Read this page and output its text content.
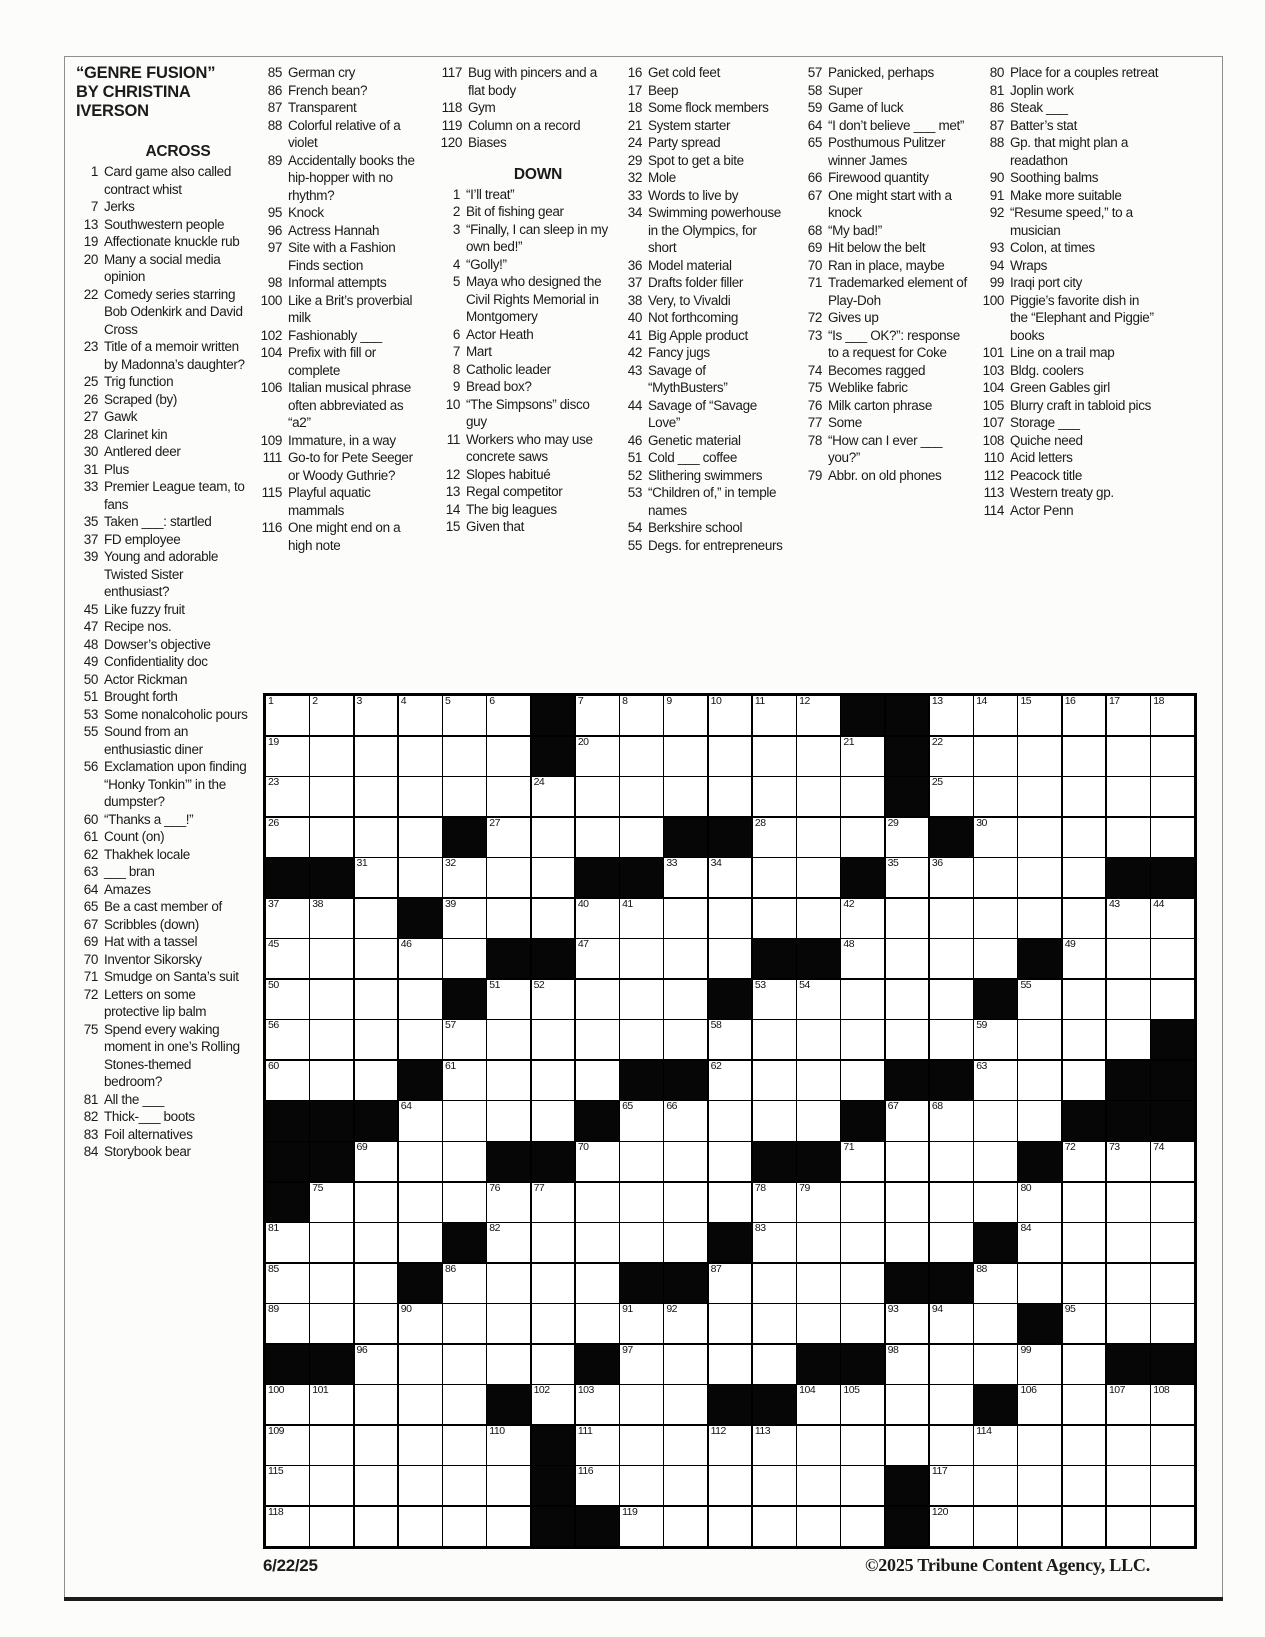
“GENRE FUSION”
BY CHRISTINA
IVERSON
ACROSS
1 Card game also called contract whist
7 Jerks
13 Southwestern people
19 Affectionate knuckle rub
20 Many a social media opinion
22 Comedy series starring Bob Odenkirk and David Cross
23 Title of a memoir written by Madonna’s daughter?
25 Trig function
26 Scraped (by)
27 Gawk
28 Clarinet kin
30 Antlered deer
31 Plus
33 Premier League team, to fans
35 Taken ___: startled
37 FD employee
39 Young and adorable Twisted Sister enthusiast?
45 Like fuzzy fruit
47 Recipe nos.
48 Dowser’s objective
49 Confidentiality doc
50 Actor Rickman
51 Brought forth
53 Some nonalcoholic pours
55 Sound from an enthusiastic diner
56 Exclamation upon finding “Honky Tonkin’” in the dumpster?
60 “Thanks a ___!”
61 Count (on)
62 Thakhek locale
63 ___ bran
64 Amazes
65 Be a cast member of
67 Scribbles (down)
69 Hat with a tassel
70 Inventor Sikorsky
71 Smudge on Santa’s suit
72 Letters on some protective lip balm
75 Spend every waking moment in one’s Rolling Stones-themed bedroom?
81 All the ___
82 Thick-___ boots
83 Foil alternatives
84 Storybook bear
85 German cry
86 French bean?
87 Transparent
88 Colorful relative of a violet
89 Accidentally books the hip-hopper with no rhythm?
95 Knock
96 Actress Hannah
97 Site with a Fashion Finds section
98 Informal attempts
100 Like a Brit’s proverbial milk
102 Fashionably ___
104 Prefix with fill or complete
106 Italian musical phrase often abbreviated as “a2”
109 Immature, in a way
111 Go-to for Pete Seeger or Woody Guthrie?
115 Playful aquatic mammals
116 One might end on a high note
117 Bug with pincers and a flat body
118 Gym
119 Column on a record
120 Biases
DOWN
1 “I’ll treat”
2 Bit of fishing gear
3 “Finally, I can sleep in my own bed!”
4 “Golly!”
5 Maya who designed the Civil Rights Memorial in Montgomery
6 Actor Heath
7 Mart
8 Catholic leader
9 Bread box?
10 “The Simpsons” disco guy
11 Workers who may use concrete saws
12 Slopes habitué
13 Regal competitor
14 The big leagues
15 Given that
16 Get cold feet
17 Beep
18 Some flock members
21 System starter
24 Party spread
29 Spot to get a bite
32 Mole
33 Words to live by
34 Swimming powerhouse in the Olympics, for short
36 Model material
37 Drafts folder filler
38 Very, to Vivaldi
40 Not forthcoming
41 Big Apple product
42 Fancy jugs
43 Savage of “MythBusters”
44 Savage of “Savage Love”
46 Genetic material
51 Cold ___ coffee
52 Slithering swimmers
53 “Children of,” in temple names
54 Berkshire school
55 Degs. for entrepreneurs
57 Panicked, perhaps
58 Super
59 Game of luck
64 “I don’t believe ___ met”
65 Posthumous Pulitzer winner James
66 Firewood quantity
67 One might start with a knock
68 “My bad!”
69 Hit below the belt
70 Ran in place, maybe
71 Trademarked element of Play-Doh
72 Gives up
73 “Is ___ OK?”: response to a request for Coke
74 Becomes ragged
75 Weblike fabric
76 Milk carton phrase
77 Some
78 “How can I ever ___ you?”
79 Abbr. on old phones
80 Place for a couples retreat
81 Joplin work
86 Steak ___
87 Batter’s stat
88 Gp. that might plan a readathon
90 Soothing balms
91 Make more suitable
92 “Resume speed,” to a musician
93 Colon, at times
94 Wraps
99 Iraqi port city
100 Piggie’s favorite dish in the “Elephant and Piggie” books
101 Line on a trail map
103 Bldg. coolers
104 Green Gables girl
105 Blurry craft in tabloid pics
107 Storage ___
108 Quiche need
110 Acid letters
112 Peacock title
113 Western treaty gp.
114 Actor Penn
1	2	3	4	5	6	7	8	9	10	11	12	13	14	15	16	17	18
19	20	21	22
23	24	25
26	27	28	29	30
31	32	33	34	35	36
37	38	39	40	41	42	43	44
45	46	47	48	49
50	51	52	53	54	55
56	57	58	59
60	61	62	63
64	65	66	67	68
69	70	71	72	73	74
75	76	77	78	79	80
81	82	83	84
85	86	87	88
89	90	91	92	93	94	95
96	97	98	99
100	101	102	103	104	105	106	107	108
109	110	111	112	113	114
115	116	117
118	119	120
6/22/25	©2025 Tribune Content Agency, LLC.
